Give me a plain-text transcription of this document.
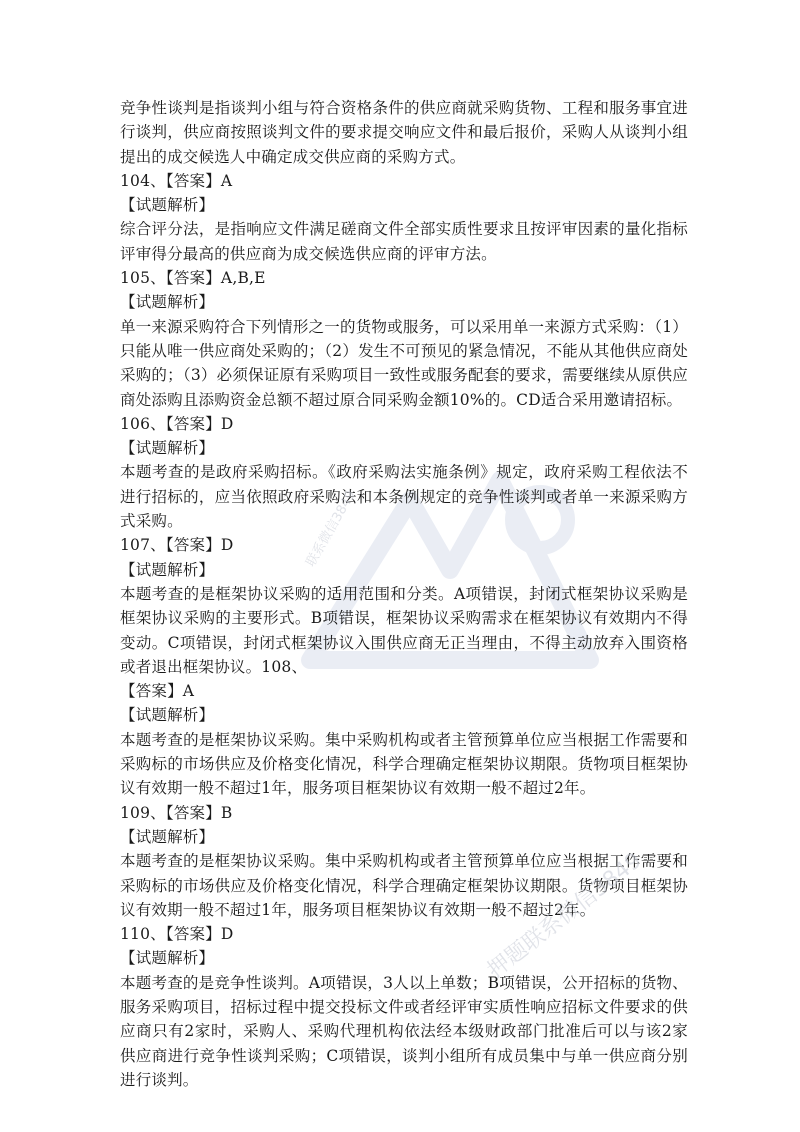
竞争性谈判是指谈判小组与符合资格条件的供应商就采购货物、工程和服务事宜进行谈判，供应商按照谈判文件的要求提交响应文件和最后报价，采购人从谈判小组提出的成交候选人中确定成交供应商的采购方式。

104、【答案】A

【试题解析】

综合评分法，是指响应文件满足磋商文件全部实质性要求且按评审因素的量化指标评审得分最高的供应商为成交候选供应商的评审方法。

105、【答案】A,B,E

【试题解析】

单一来源采购符合下列情形之一的货物或服务，可以采用单一来源方式采购：（1）只能从唯一供应商处采购的；（2）发生不可预见的紧急情况，不能从其他供应商处采购的；（3）必须保证原有采购项目一致性或服务配套的要求，需要继续从原供应商处添购且添购资金总额不超过原合同采购金额10%的。CD适合采用邀请招标。

106、【答案】D

【试题解析】

本题考查的是政府采购招标。《政府采购法实施条例》规定，政府采购工程依法不进行招标的，应当依照政府采购法和本条例规定的竞争性谈判或者单一来源采购方式采购。

107、【答案】D

【试题解析】

本题考查的是框架协议采购的适用范围和分类。A项错误，封闭式框架协议采购是框架协议采购的主要形式。B项错误，框架协议采购需求在框架协议有效期内不得变动。C项错误，封闭式框架协议入围供应商无正当理由，不得主动放弃入围资格或者退出框架协议。108、

【答案】A

【试题解析】

本题考查的是框架协议采购。集中采购机构或者主管预算单位应当根据工作需要和采购标的市场供应及价格变化情况，科学合理确定框架协议期限。货物项目框架协议有效期一般不超过1年，服务项目框架协议有效期一般不超过2年。

109、【答案】B

【试题解析】

本题考查的是框架协议采购。集中采购机构或者主管预算单位应当根据工作需要和采购标的市场供应及价格变化情况，科学合理确定框架协议期限。货物项目框架协议有效期一般不超过1年，服务项目框架协议有效期一般不超过2年。

110、【答案】D

【试题解析】

本题考查的是竞争性谈判。A项错误，3人以上单数；B项错误，公开招标的货物、服务采购项目，招标过程中提交投标文件或者经评审实质性响应招标文件要求的供应商只有2家时，采购人、采购代理机构依法经本级财政部门批准后可以与该2家供应商进行竞争性谈判采购；C项错误，谈判小组所有成员集中与单一供应商分别进行谈判。

联系微信3849
押题联系微信3849
